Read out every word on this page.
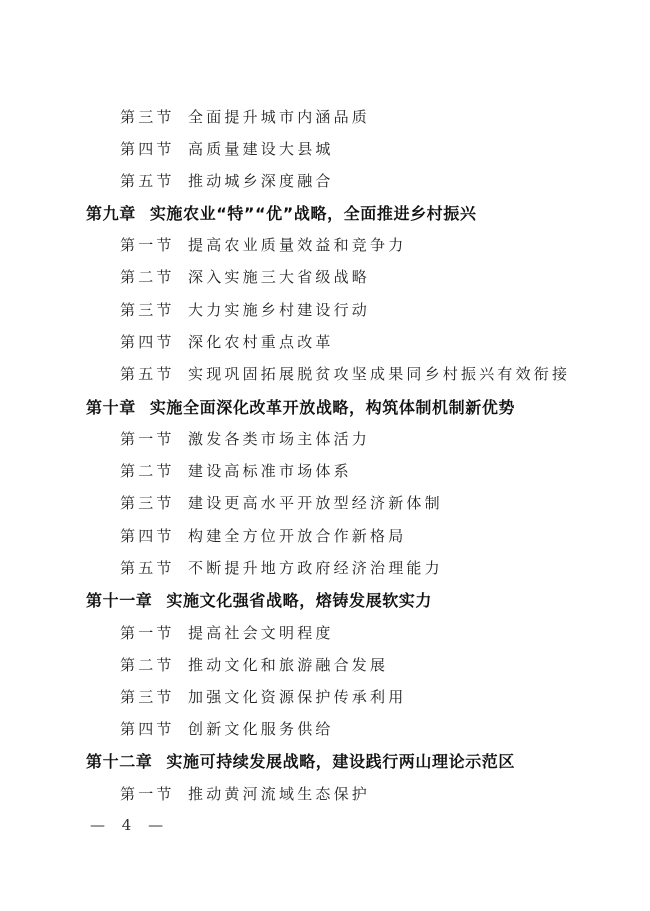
第三节 全面提升城市内涵品质
第四节 高质量建设大县城
第五节 推动城乡深度融合
第九章 实施农业“特”“优”战略，全面推进乡村振兴
第一节 提高农业质量效益和竞争力
第二节 深入实施三大省级战略
第三节 大力实施乡村建设行动
第四节 深化农村重点改革
第五节 实现巩固拓展脱贫攻坚成果同乡村振兴有效衔接
第十章 实施全面深化改革开放战略，构筑体制机制新优势
第一节 激发各类市场主体活力
第二节 建设高标准市场体系
第三节 建设更高水平开放型经济新体制
第四节 构建全方位开放合作新格局
第五节 不断提升地方政府经济治理能力
第十一章 实施文化强省战略，熔铸发展软实力
第一节 提高社会文明程度
第二节 推动文化和旅游融合发展
第三节 加强文化资源保护传承利用
第四节 创新文化服务供给
第十二章 实施可持续发展战略，建设践行两山理论示范区
第一节 推动黄河流域生态保护
— 4 —
